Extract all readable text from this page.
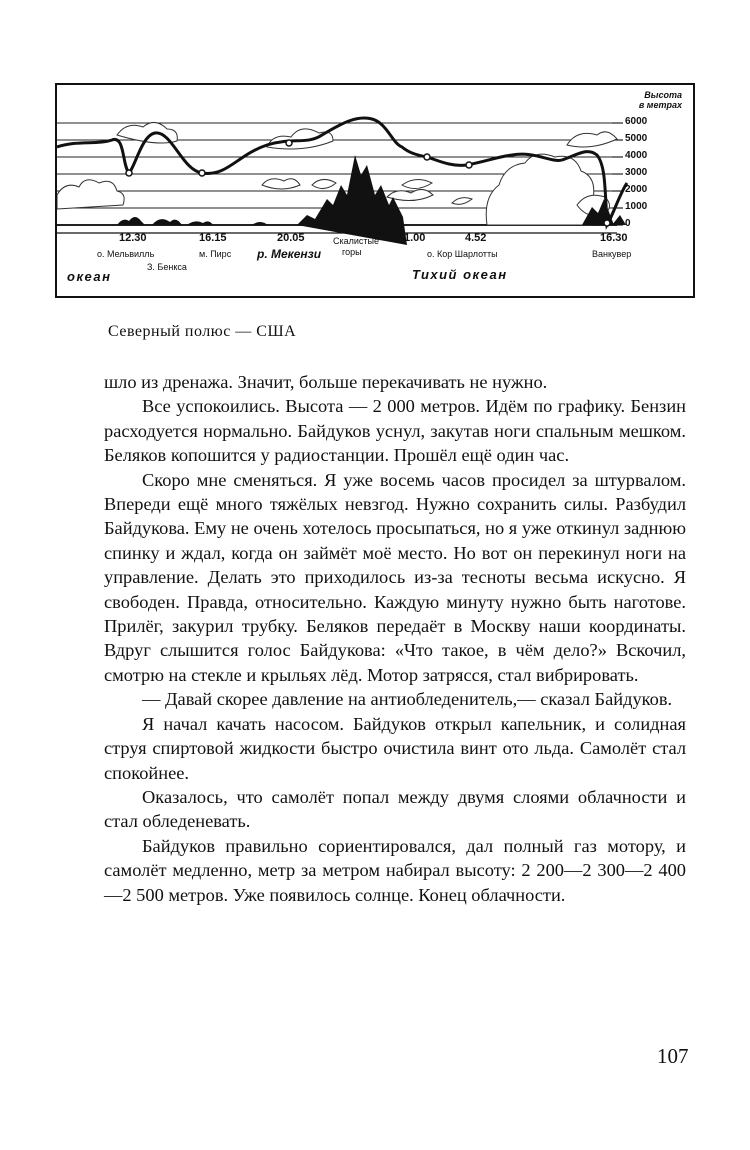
Высота
в метрах
6000
5000
4000
3000
2000
1000
0
12.30	16.15	20.05	1.00	4.52	16.30
о. Мельвилль
З. Бенкса
м. Пирс р. Мекензи
Скалистые
горы	о. Кор Шарлотты	Ванкувер
океан	Тихий океан
Северный полюс — США

шло из дренажа. Значит, больше перекачивать не нужно.

Все успокоились. Высота — 2 000 метров. Идём по графику. Бензин расходуется нормально. Байдуков уснул, закутав ноги спальным мешком. Беляков копошится у радиостанции. Прошёл ещё один час.

Скоро мне сменяться. Я уже восемь часов просидел за штурвалом. Впереди ещё много тяжёлых невзгод. Нужно сохранить силы. Разбудил Байдукова. Ему не очень хотелось просыпаться, но я уже откинул заднюю спинку и ждал, когда он займёт моё место. Но вот он перекинул ноги на управление. Делать это приходилось из-за тесноты весьма искусно. Я свободен. Правда, относительно. Каждую минуту нужно быть наготове. Прилёг, закурил трубку. Беляков передаёт в Москву наши координаты. Вдруг слышится голос Байдукова: «Что такое, в чём дело?» Вскочил, смотрю на стекле и крыльях лёд. Мотор затрясся, стал вибрировать.

— Давай скорее давление на антиобледенитель,— сказал Байдуков.

Я начал качать насосом. Байдуков открыл капельник, и солидная струя спиртовой жидкости быстро очистила винт ото льда. Самолёт стал спокойнее.

Оказалось, что самолёт попал между двумя слоями облачности и стал обледеневать.

Байдуков правильно сориентировался, дал полный газ мотору, и самолёт медленно, метр за метром набирал высоту: 2 200—2 300—2 400—2 500 метров. Уже появилось солнце. Конец облачности.

107
